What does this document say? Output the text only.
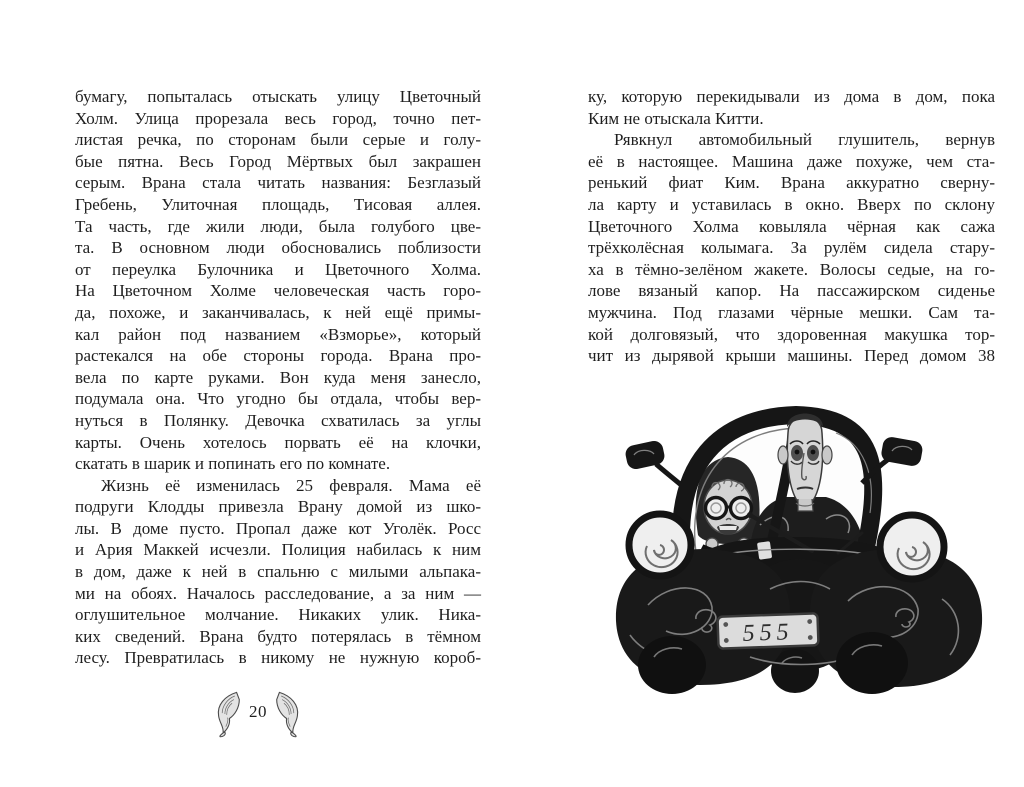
бумагу, попыталась отыскать улицу Цветочный
Холм. Улица прорезала весь город, точно пет-
листая речка, по сторонам были серые и голу-
бые пятна. Весь Город Мёртвых был закрашен
серым. Врана стала читать названия: Безглазый
Гребень, Улиточная площадь, Тисовая аллея.
Та часть, где жили люди, была голубого цве-
та. В основном люди обосновались поблизости
от переулка Булочника и Цветочного Холма.
На Цветочном Холме человеческая часть горо-
да, похоже, и заканчивалась, к ней ещё примы-
кал район под названием «Взморье», который
растекался на обе стороны города. Врана про-
вела по карте руками. Вон куда меня занесло,
подумала она. Что угодно бы отдала, чтобы вер-
нуться в Полянку. Девочка схватилась за углы
карты. Очень хотелось порвать её на клочки,
скатать в шарик и попинать его по комнате.
Жизнь её изменилась 25 февраля. Мама её
подруги Клодды привезла Врану домой из шко-
лы. В доме пусто. Пропал даже кот Уголёк. Росс
и Ария Маккей исчезли. Полиция набилась к ним
в дом, даже к ней в спальню с милыми альпака-
ми на обоях. Началось расследование, а за ним —
оглушительное молчание. Никаких улик. Ника-
ких сведений. Врана будто потерялась в тёмном
лесу. Превратилась в никому не нужную короб-
ку, которую перекидывали из дома в дом, пока
Ким не отыскала Китти.
Рявкнул автомобильный глушитель, вернув
её в настоящее. Машина даже похуже, чем ста-
ренький фиат Ким. Врана аккуратно сверну-
ла карту и уставилась в окно. Вверх по склону
Цветочного Холма ковыляла чёрная как сажа
трёхколёсная колымага. За рулём сидела стару-
ха в тёмно-зелёном жакете. Волосы седые, на го-
лове вязаный капор. На пассажирском сиденье
мужчина. Под глазами чёрные мешки. Сам та-
кой долговязый, что здоровенная макушка тор-
чит из дырявой крыши машины. Перед домом 38
20
555
